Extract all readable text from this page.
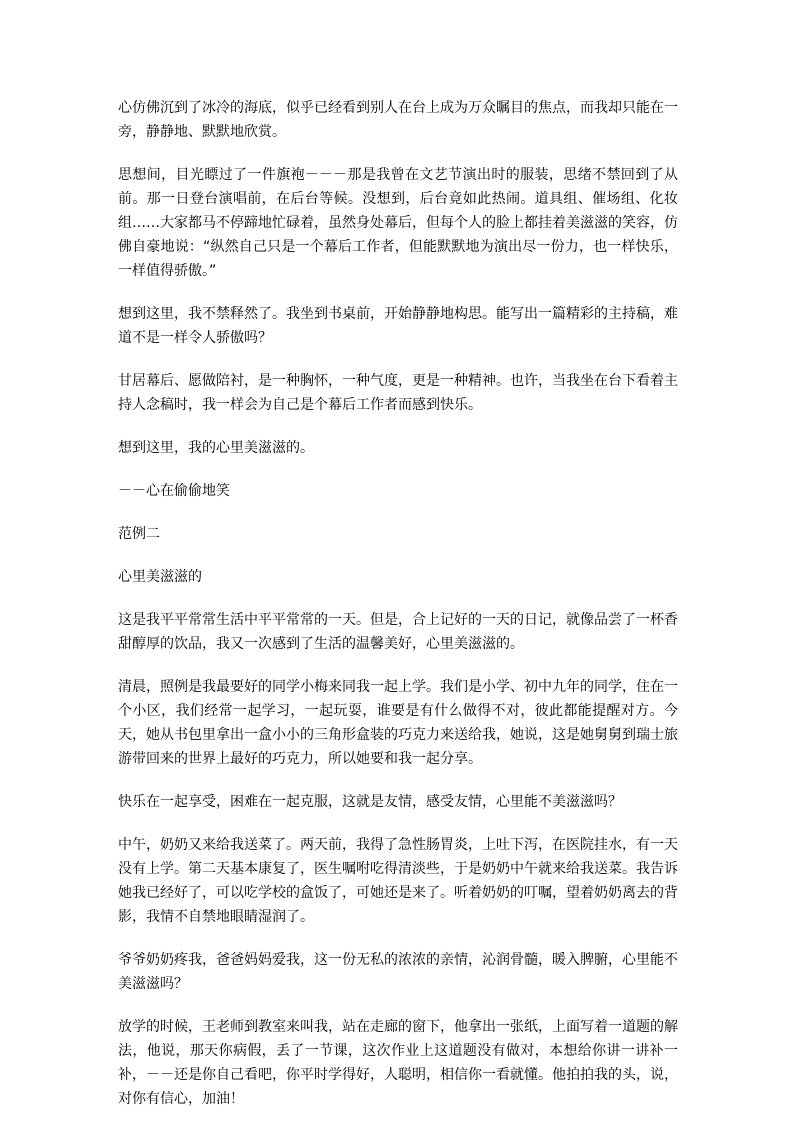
心仿佛沉到了冰冷的海底，似乎已经看到别人在台上成为万众瞩目的焦点，而我却只能在一旁，静静地、默默地欣赏。

思想间，目光瞟过了一件旗袍－－－那是我曾在文艺节演出时的服装，思绪不禁回到了从前。那一日登台演唱前，在后台等候。没想到，后台竟如此热闹。道具组、催场组、化妆组……大家都马不停蹄地忙碌着，虽然身处幕后，但每个人的脸上都挂着美滋滋的笑容，仿佛自豪地说：“纵然自己只是一个幕后工作者，但能默默地为演出尽一份力，也一样快乐，一样值得骄傲。”

想到这里，我不禁释然了。我坐到书桌前，开始静静地构思。能写出一篇精彩的主持稿，难道不是一样令人骄傲吗？

甘居幕后、愿做陪衬，是一种胸怀，一种气度，更是一种精神。也许，当我坐在台下看着主持人念稿时，我一样会为自己是个幕后工作者而感到快乐。

想到这里，我的心里美滋滋的。

－－心在偷偷地笑

范例二

心里美滋滋的

这是我平平常常生活中平平常常的一天。但是，合上记好的一天的日记，就像品尝了一杯香甜醇厚的饮品，我又一次感到了生活的温馨美好，心里美滋滋的。

清晨，照例是我最要好的同学小梅来同我一起上学。我们是小学、初中九年的同学，住在一个小区，我们经常一起学习，一起玩耍，谁要是有什么做得不对，彼此都能提醒对方。今天，她从书包里拿出一盒小小的三角形盒装的巧克力来送给我，她说，这是她舅舅到瑞士旅游带回来的世界上最好的巧克力，所以她要和我一起分享。

快乐在一起享受，困难在一起克服，这就是友情，感受友情，心里能不美滋滋吗？

中午，奶奶又来给我送菜了。两天前，我得了急性肠胃炎，上吐下泻，在医院挂水，有一天没有上学。第二天基本康复了，医生嘱咐吃得清淡些，于是奶奶中午就来给我送菜。我告诉她我已经好了，可以吃学校的盒饭了，可她还是来了。听着奶奶的叮嘱，望着奶奶离去的背影，我情不自禁地眼睛湿润了。

爷爷奶奶疼我，爸爸妈妈爱我，这一份无私的浓浓的亲情，沁润骨髓，暖入脾腑，心里能不美滋滋吗？

放学的时候，王老师到教室来叫我，站在走廊的窗下，他拿出一张纸，上面写着一道题的解法，他说，那天你病假，丢了一节课，这次作业上这道题没有做对，本想给你讲一讲补一补，－－还是你自己看吧，你平时学得好，人聪明，相信你一看就懂。他拍拍我的头，说，对你有信心，加油！
